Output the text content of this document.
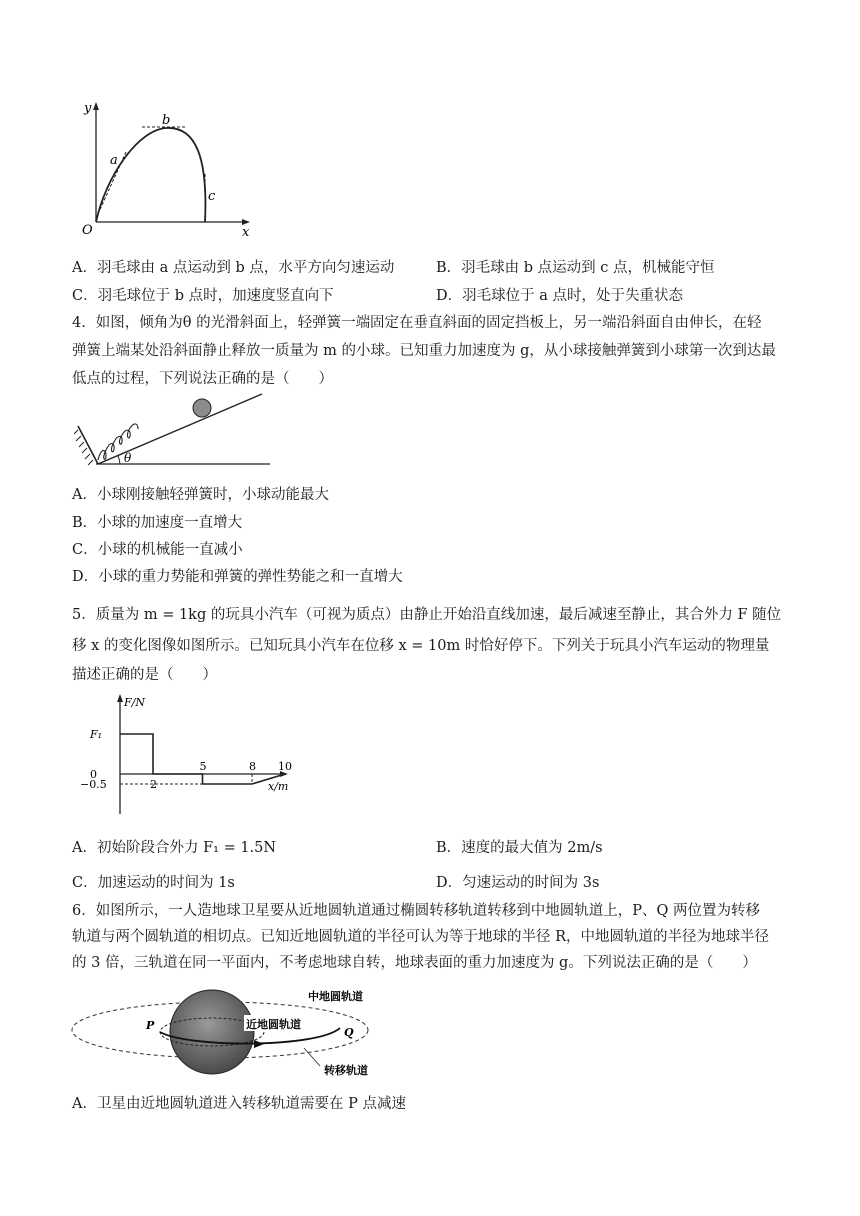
y
x
O
a
b
c
A．羽毛球由 a 点运动到 b 点，水平方向匀速运动	B．羽毛球由 b 点运动到 c 点，机械能守恒
C．羽毛球位于 b 点时，加速度竖直向下	D．羽毛球位于 a 点时，处于失重状态
4．如图，倾角为θ 的光滑斜面上，轻弹簧一端固定在垂直斜面的固定挡板上，另一端沿斜面自由伸长，在轻
弹簧上端某处沿斜面静止释放一质量为 m 的小球。已知重力加速度为 g，从小球接触弹簧到小球第一次到达最
低点的过程，下列说法正确的是（　　）
θ
A．小球刚接触轻弹簧时，小球动能最大
B．小球的加速度一直增大
C．小球的机械能一直减小
D．小球的重力势能和弹簧的弹性势能之和一直增大
5．质量为 m = 1kg 的玩具小汽车（可视为质点）由静止开始沿直线加速，最后减速至静止，其合外力 F 随位
移 x 的变化图像如图所示。已知玩具小汽车在位移 x = 10m 时恰好停下。下列关于玩具小汽车运动的物理量
描述正确的是（　　）
F/N
x/m
2
5	8 10
F₁
0
−0.5
A．初始阶段合外力 F₁ = 1.5N	B．速度的最大值为 2m/s
C．加速运动的时间为 1s	D．匀速运动的时间为 3s
6．如图所示，一人造地球卫星要从近地圆轨道通过椭圆转移轨道转移到中地圆轨道上，P、Q 两位置为转移
轨道与两个圆轨道的相切点。已知近地圆轨道的半径可认为等于地球的半径 R，中地圆轨道的半径为地球半径
的 3 倍，三轨道在同一平面内，不考虑地球自转，地球表面的重力加速度为 g。下列说法正确的是（　　）
近地圆轨道
中地圆轨道
转移轨道
P
Q
A．卫星由近地圆轨道进入转移轨道需要在 P 点减速
